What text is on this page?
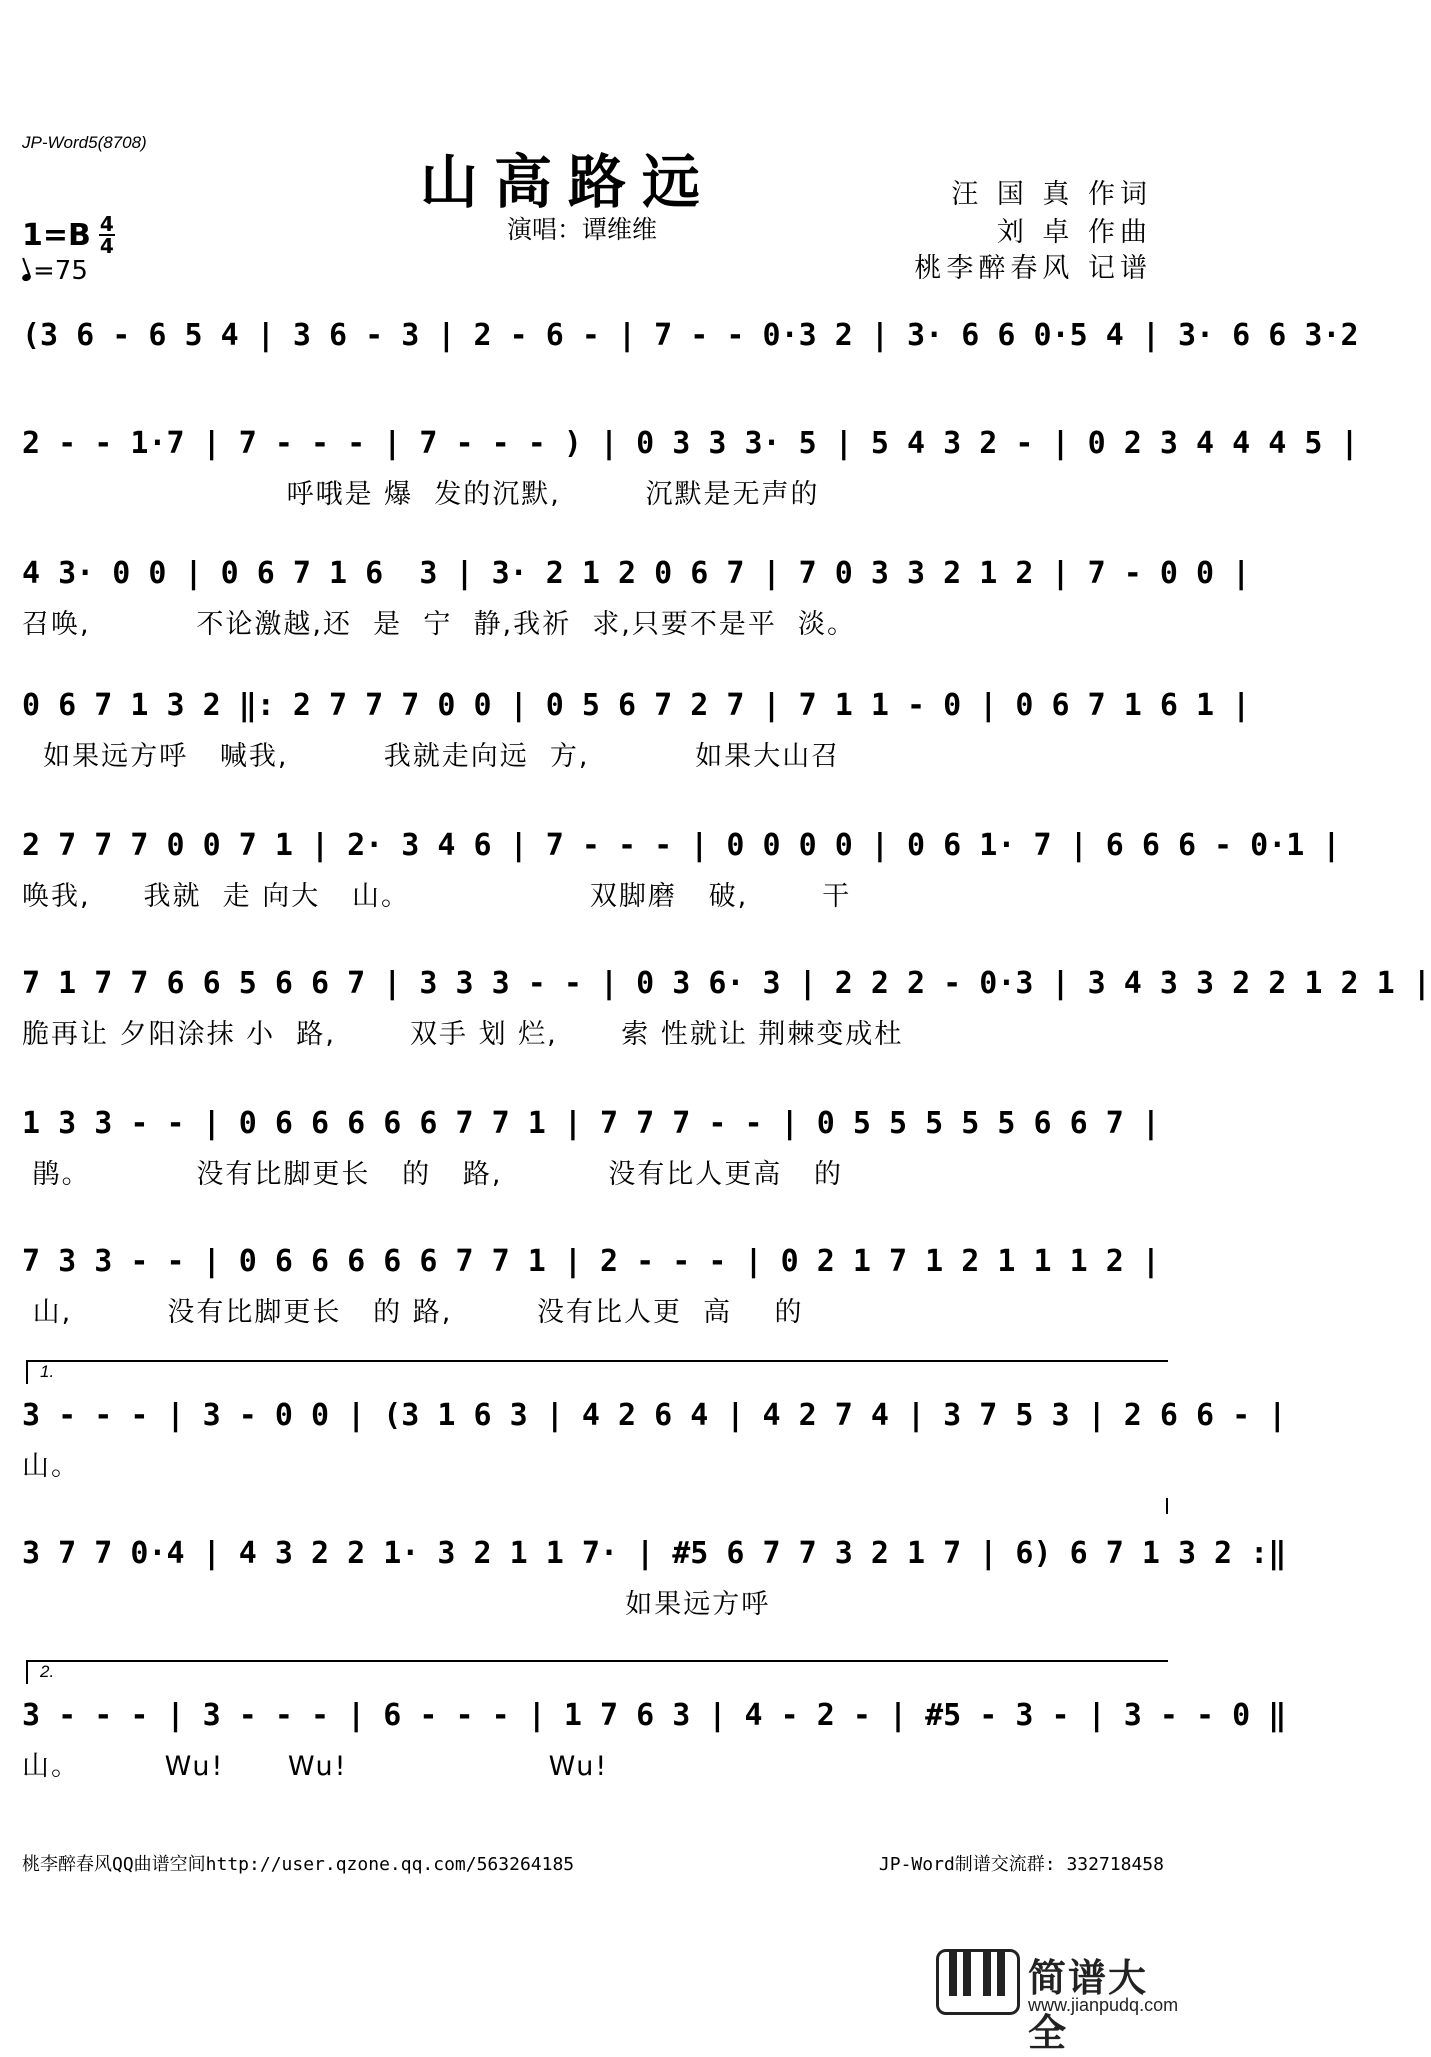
JP-Word5(8708)
山高路远
演唱：谭维维
汪 国 真 作词
刘 卓 作曲
桃李醉春风 记谱
$1=B \frac{4}{4}$
=75
(3 6 - 6 5 4 | 3 6 - 3 | 2 - 6 - | 7 - - 0·3 2 | 3· 6 6 0·5 4 | 3· 6 6 3·2
2 - - 1·7 | 7 - - - | 7 - - - ) | 0 3 3 3· 5 | 5 4 3 2 - | 0 2 3 4 4 4 5 |
呼哦是 爆  发的沉默,        沉默是无声的
4 3· 0 0 | 0 6 7 1 6  3 | 3· 2 1 2 0 6 7 | 7 0 3 3 2 1 2 | 7 - 0 0 |
召唤,          不论激越,还  是  宁  静,我祈  求,只要不是平  淡。
0 6 7 1 3 2 ‖: 2 7 7 7 0 0 | 0 5 6 7 2 7 | 7 1 1 - 0 | 0 6 7 1 6 1 |
如果远方呼   喊我,         我就走向远  方,          如果大山召
2 7 7 7 0 0 7 1 | 2· 3 4 6 | 7 - - - | 0 0 0 0 | 0 6 1· 7 | 6 6 6 - 0·1 |
唤我,     我就  走 向大   山。                 双脚磨   破,       干
7 1 7 7 6 6 5 6 6 7 | 3 3 3 - - | 0 3 6· 3 | 2 2 2 - 0·3 | 3 4 3 3 2 2 1 2 1 |
脆再让 夕阳涂抹 小  路,       双手 划 烂,      索 性就让 荆棘变成杜
1 3 3 - - | 0 6 6 6 6 6 7 7 1 | 7 7 7 - - | 0 5 5 5 5 5 6 6 7 |
鹃。          没有比脚更长   的   路,          没有比人更高   的
7 3 3 - - | 0 6 6 6 6 6 7 7 1 | 2 - - - | 0 2 1 7 1 2 1 1 1 2 |
山,         没有比脚更长   的 路,        没有比人更  高    的
1.
3 - - - | 3 - 0 0 | (3 1 6 3 | 4 2 6 4 | 4 2 7 4 | 3 7 5 3 | 2 6 6 - |
山。
3 7 7 0·4 | 4 3 2 2 1· 3 2 1 1 7· | #5 6 7 7 3 2 1 7 | 6) 6 7 1 3 2 :‖
如果远方呼
2.
3 - - - | 3 - - - | 6 - - - | 1 7 6 3 | 4 - 2 - | #5 - 3 - | 3 - - 0 ‖
山。        Wu!      Wu!                   Wu!
桃李醉春风QQ曲谱空间http://user.qzone.qq.com/563264185	JP-Word制谱交流群: 332718458
简谱大全
www.jianpudq.com
